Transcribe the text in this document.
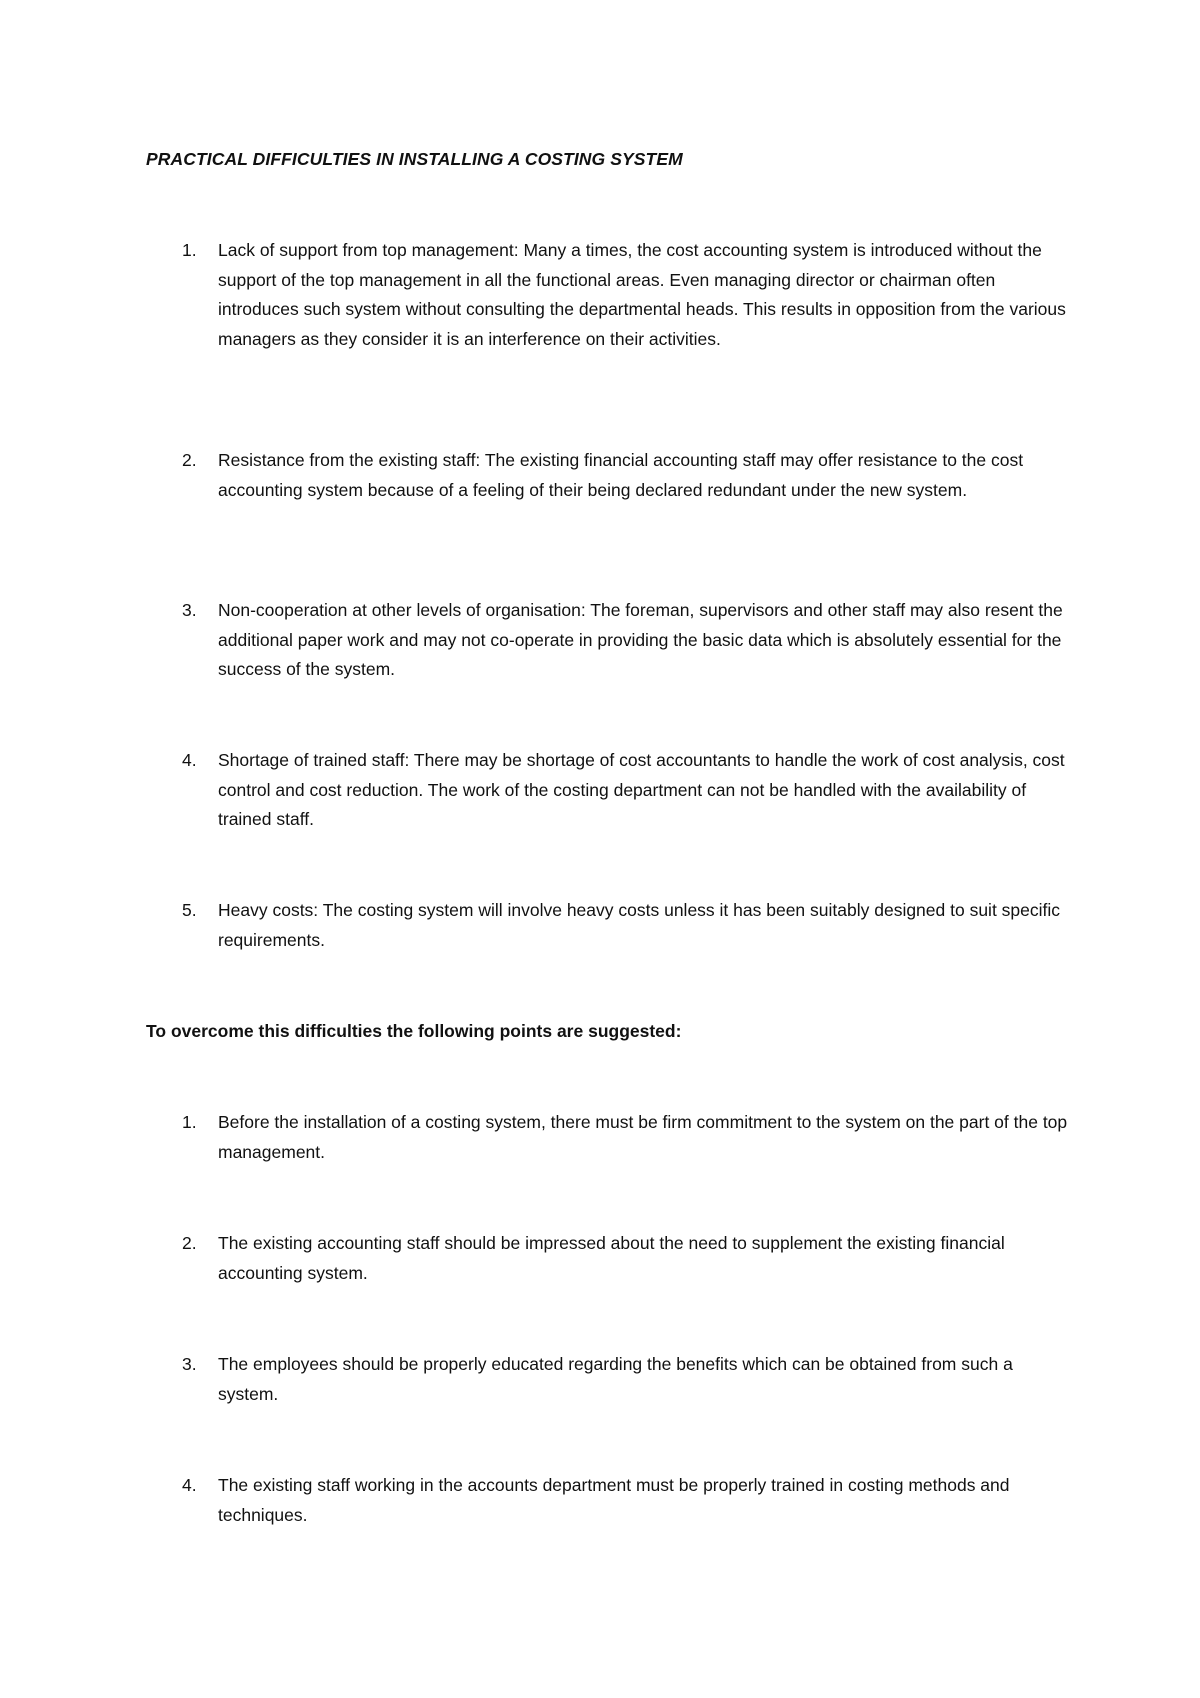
PRACTICAL DIFFICULTIES IN INSTALLING A COSTING SYSTEM
1. Lack of support from top management: Many a times, the cost accounting system is introduced without the support of the top management in all the functional areas. Even managing director or chairman often introduces such system without consulting the departmental heads. This results in opposition from the various managers as they consider it is an interference on their activities.
2. Resistance from the existing staff: The existing financial accounting staff may offer resistance to the cost accounting system because of a feeling of their being declared redundant under the new system.
3. Non-cooperation at other levels of organisation: The foreman, supervisors and other staff may also resent the additional paper work and may not co-operate in providing the basic data which is absolutely essential for the success of the system.
4. Shortage of trained staff: There may be shortage of cost accountants to handle the work of cost analysis, cost control and cost reduction. The work of the costing department can not be handled with the availability of trained staff.
5. Heavy costs: The costing system will involve heavy costs unless it has been suitably designed to suit specific requirements.

To overcome this difficulties the following points are suggested:

1. Before the installation of a costing system, there must be firm commitment to the system on the part of the top management.
2. The existing accounting staff should be impressed about the need to supplement the existing financial accounting system.
3. The employees should be properly educated regarding the benefits which can be obtained from such a system.
4. The existing staff working in the accounts department must be properly trained in costing methods and techniques.
